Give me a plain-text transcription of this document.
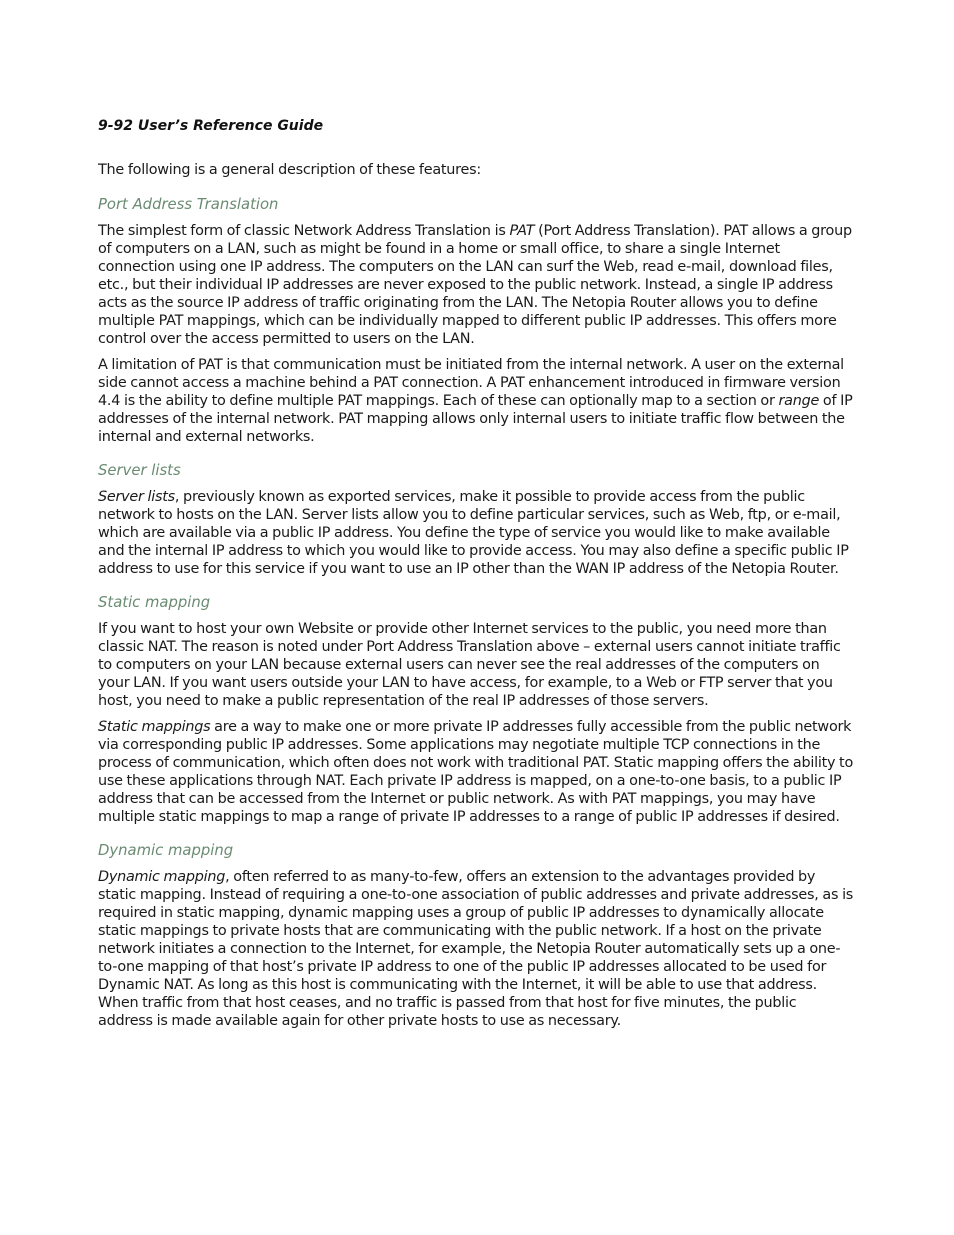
9-92 User’s Reference Guide

The following is a general description of these features:

Port Address Translation

The simplest form of classic Network Address Translation is PAT (Port Address Translation). PAT allows a group of computers on a LAN, such as might be found in a home or small office, to share a single Internet connection using one IP address. The computers on the LAN can surf the Web, read e-mail, download files, etc., but their individual IP addresses are never exposed to the public network. Instead, a single IP address acts as the source IP address of traffic originating from the LAN. The Netopia Router allows you to define multiple PAT mappings, which can be individually mapped to different public IP addresses. This offers more control over the access permitted to users on the LAN.

A limitation of PAT is that communication must be initiated from the internal network. A user on the external side cannot access a machine behind a PAT connection. A PAT enhancement introduced in firmware version 4.4 is the ability to define multiple PAT mappings. Each of these can optionally map to a section or range of IP addresses of the internal network. PAT mapping allows only internal users to initiate traffic flow between the internal and external networks.

Server lists

Server lists, previously known as exported services, make it possible to provide access from the public network to hosts on the LAN. Server lists allow you to define particular services, such as Web, ftp, or e-mail, which are available via a public IP address. You define the type of service you would like to make available and the internal IP address to which you would like to provide access. You may also define a specific public IP address to use for this service if you want to use an IP other than the WAN IP address of the Netopia Router.

Static mapping

If you want to host your own Website or provide other Internet services to the public, you need more than classic NAT. The reason is noted under Port Address Translation above – external users cannot initiate traffic to computers on your LAN because external users can never see the real addresses of the computers on your LAN. If you want users outside your LAN to have access, for example, to a Web or FTP server that you host, you need to make a public representation of the real IP addresses of those servers.

Static mappings are a way to make one or more private IP addresses fully accessible from the public network via corresponding public IP addresses. Some applications may negotiate multiple TCP connections in the process of communication, which often does not work with traditional PAT. Static mapping offers the ability to use these applications through NAT. Each private IP address is mapped, on a one-to-one basis, to a public IP address that can be accessed from the Internet or public network. As with PAT mappings, you may have multiple static mappings to map a range of private IP addresses to a range of public IP addresses if desired.

Dynamic mapping

Dynamic mapping, often referred to as many-to-few, offers an extension to the advantages provided by static mapping. Instead of requiring a one-to-one association of public addresses and private addresses, as is required in static mapping, dynamic mapping uses a group of public IP addresses to dynamically allocate static mappings to private hosts that are communicating with the public network. If a host on the private network initiates a connection to the Internet, for example, the Netopia Router automatically sets up a one-to-one mapping of that host’s private IP address to one of the public IP addresses allocated to be used for Dynamic NAT. As long as this host is communicating with the Internet, it will be able to use that address. When traffic from that host ceases, and no traffic is passed from that host for five minutes, the public address is made available again for other private hosts to use as necessary.
